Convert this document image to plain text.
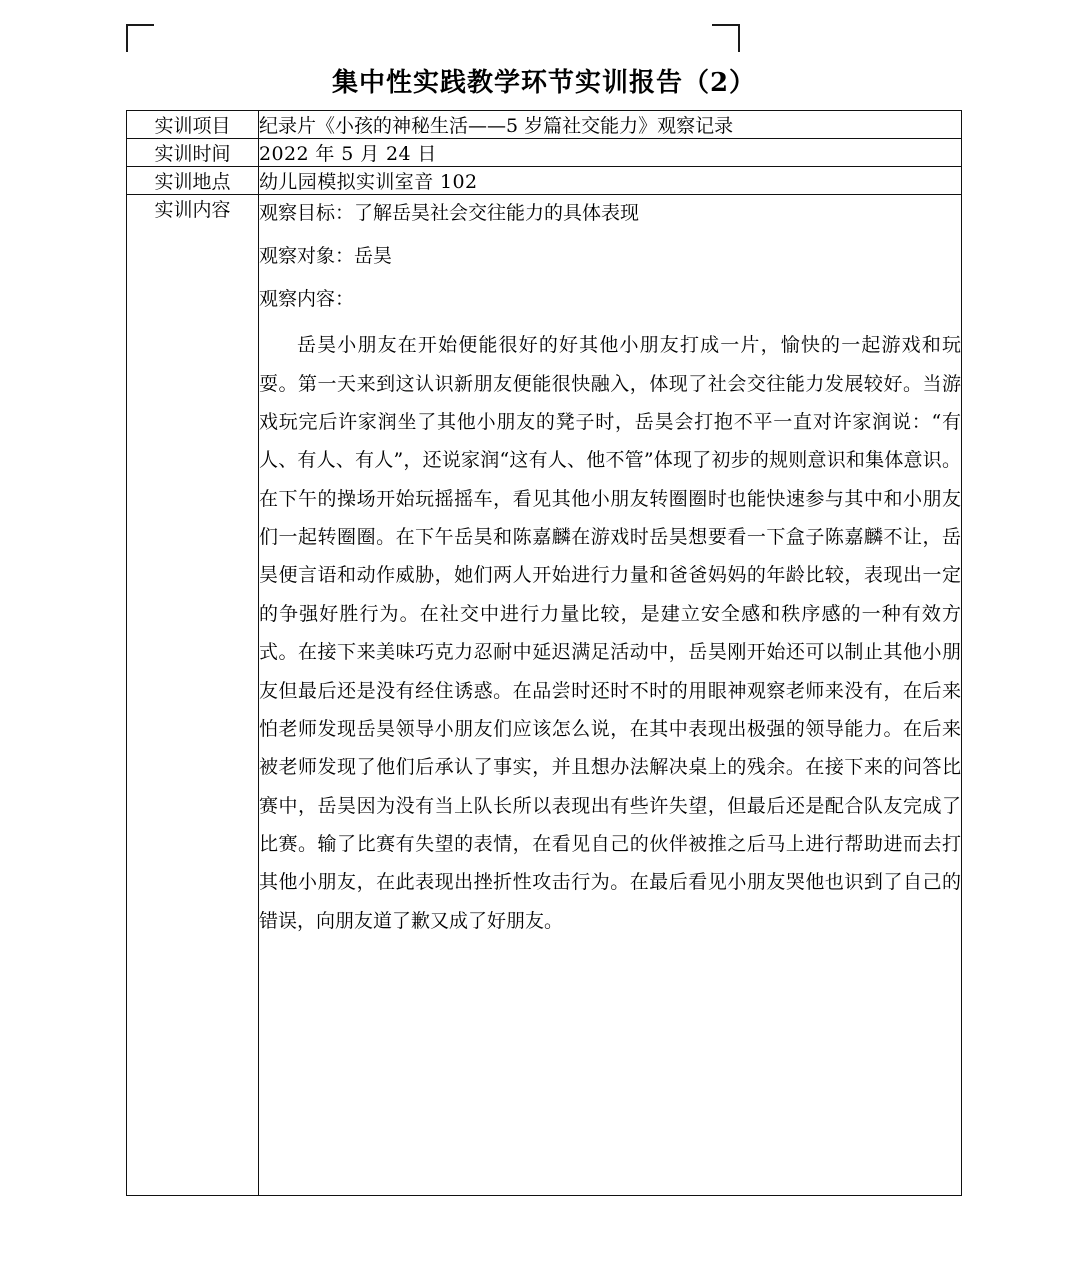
集中性实践教学环节实训报告（2）
实训项目	纪录片《小孩的神秘生活——5 岁篇社交能力》观察记录
实训时间	2022 年 5 月 24 日
实训地点	幼儿园模拟实训室音 102
实训内容	观察目标：了解岳昊社会交往能力的具体表现

观察对象：岳昊

观察内容：

岳昊小朋友在开始便能很好的好其他小朋友打成一片，愉快的一起游戏和玩耍。第一天来到这认识新朋友便能很快融入，体现了社会交往能力发展较好。当游戏玩完后许家润坐了其他小朋友的凳子时，岳昊会打抱不平一直对许家润说：“有人、有人、有人”，还说家润“这有人、他不管”体现了初步的规则意识和集体意识。在下午的操场开始玩摇摇车，看见其他小朋友转圈圈时也能快速参与其中和小朋友们一起转圈圈。在下午岳昊和陈嘉麟在游戏时岳昊想要看一下盒子陈嘉麟不让，岳昊便言语和动作威胁，她们两人开始进行力量和爸爸妈妈的年龄比较，表现出一定的争强好胜行为。在社交中进行力量比较，是建立安全感和秩序感的一种有效方式。在接下来美味巧克力忍耐中延迟满足活动中，岳昊刚开始还可以制止其他小朋友但最后还是没有经住诱惑。在品尝时还时不时的用眼神观察老师来没有，在后来怕老师发现岳昊领导小朋友们应该怎么说，在其中表现出极强的领导能力。在后来被老师发现了他们后承认了事实，并且想办法解决桌上的残余。在接下来的问答比赛中，岳昊因为没有当上队长所以表现出有些许失望，但最后还是配合队友完成了比赛。输了比赛有失望的表情，在看见自己的伙伴被推之后马上进行帮助进而去打其他小朋友，在此表现出挫折性攻击行为。在最后看见小朋友哭他也识到了自己的错误，向朋友道了歉又成了好朋友。
